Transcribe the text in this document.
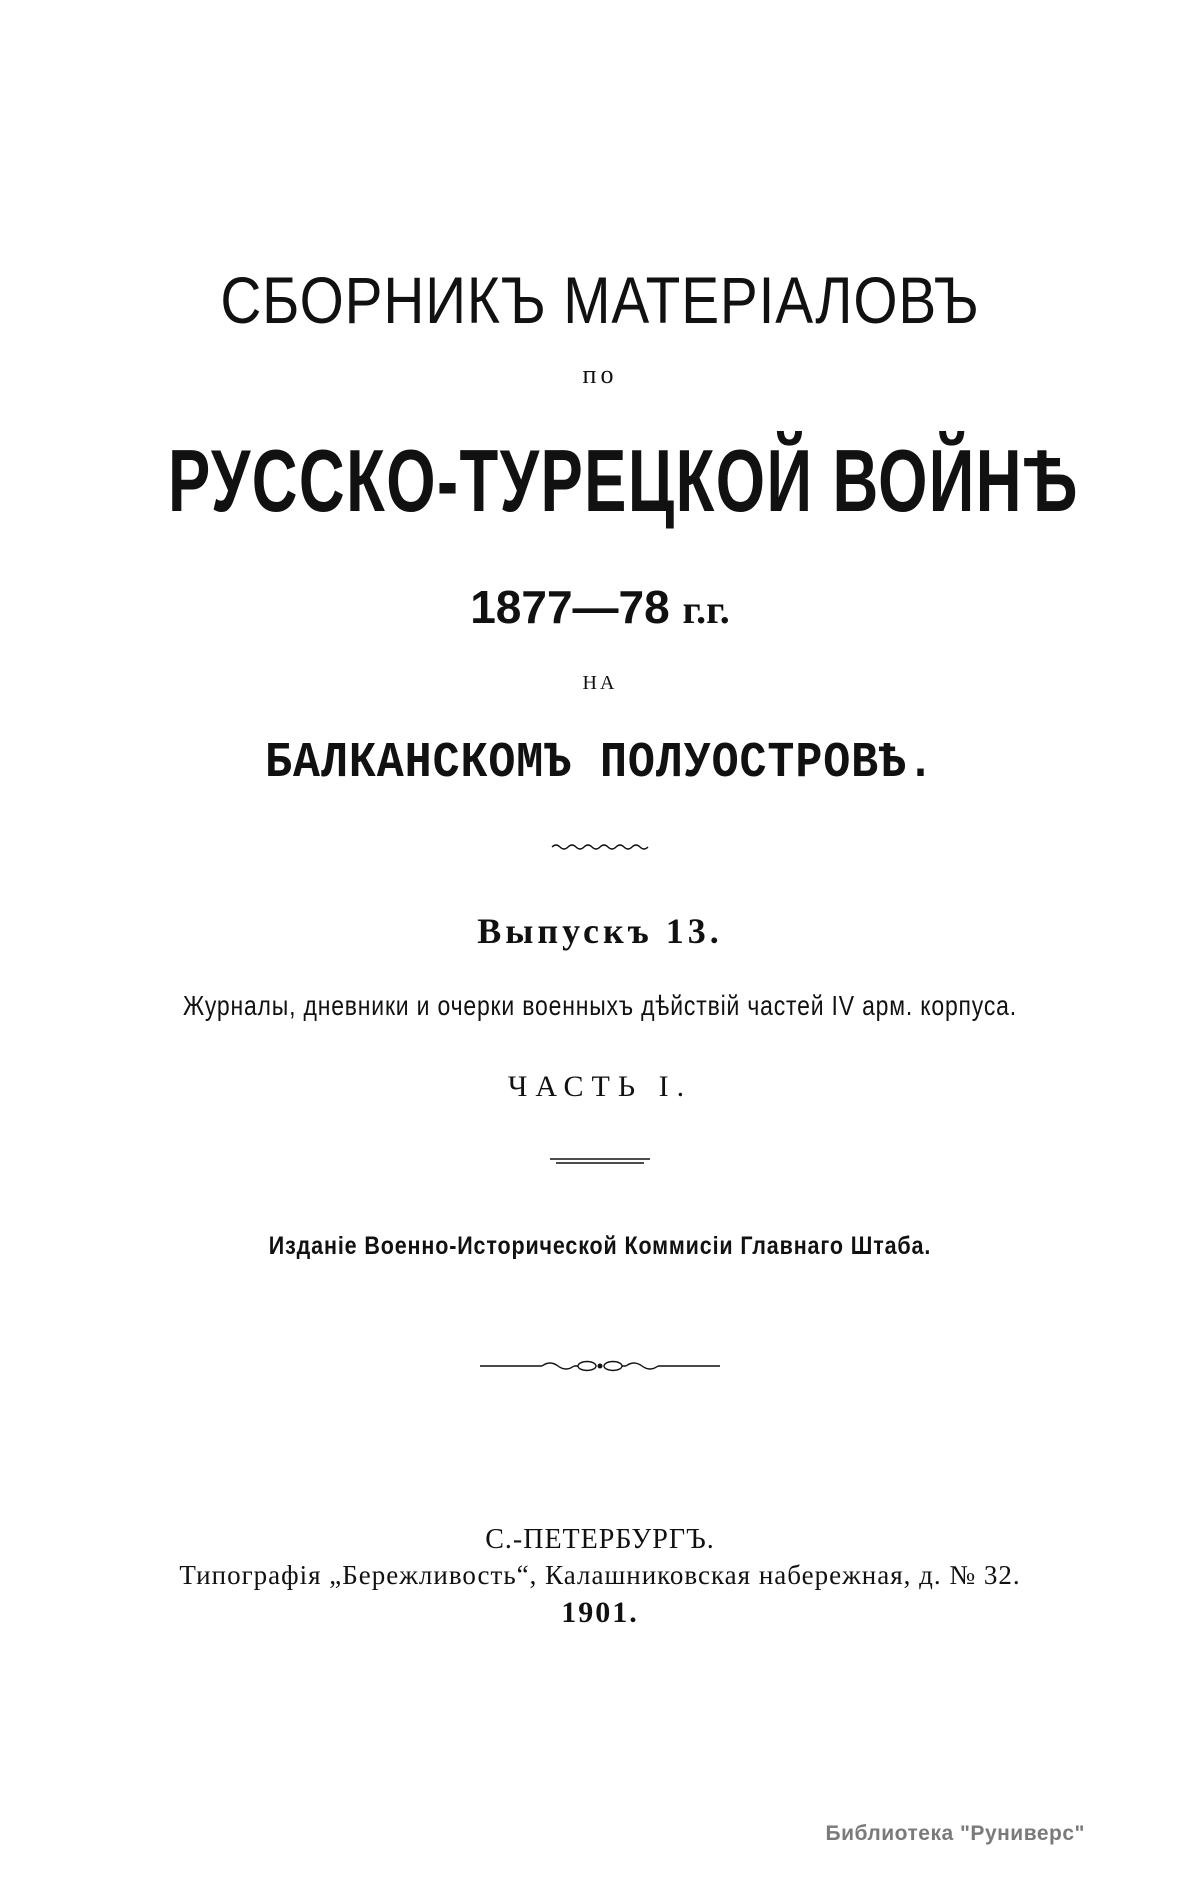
СБОРНИКЪ МАТЕРІАЛОВЪ
по
РУССКО-ТУРЕЦКОЙ ВОЙНѢ
1877—78 г.г.
НА
БАЛКАНСКОМЪ ПОЛУОСТРОВѢ.
Выпускъ 13.
Журналы, дневники и очерки военныхъ дѣйствій частей IV арм. корпуса.
ЧАСТЬ I.
Изданіе Военно-Исторической Коммисіи Главнаго Штаба.
С.-ПЕТЕРБУРГЪ.
Типографія „Бережливость“, Калашниковская набережная, д. № 32.
1901.
Библиотека "Руниверс"
